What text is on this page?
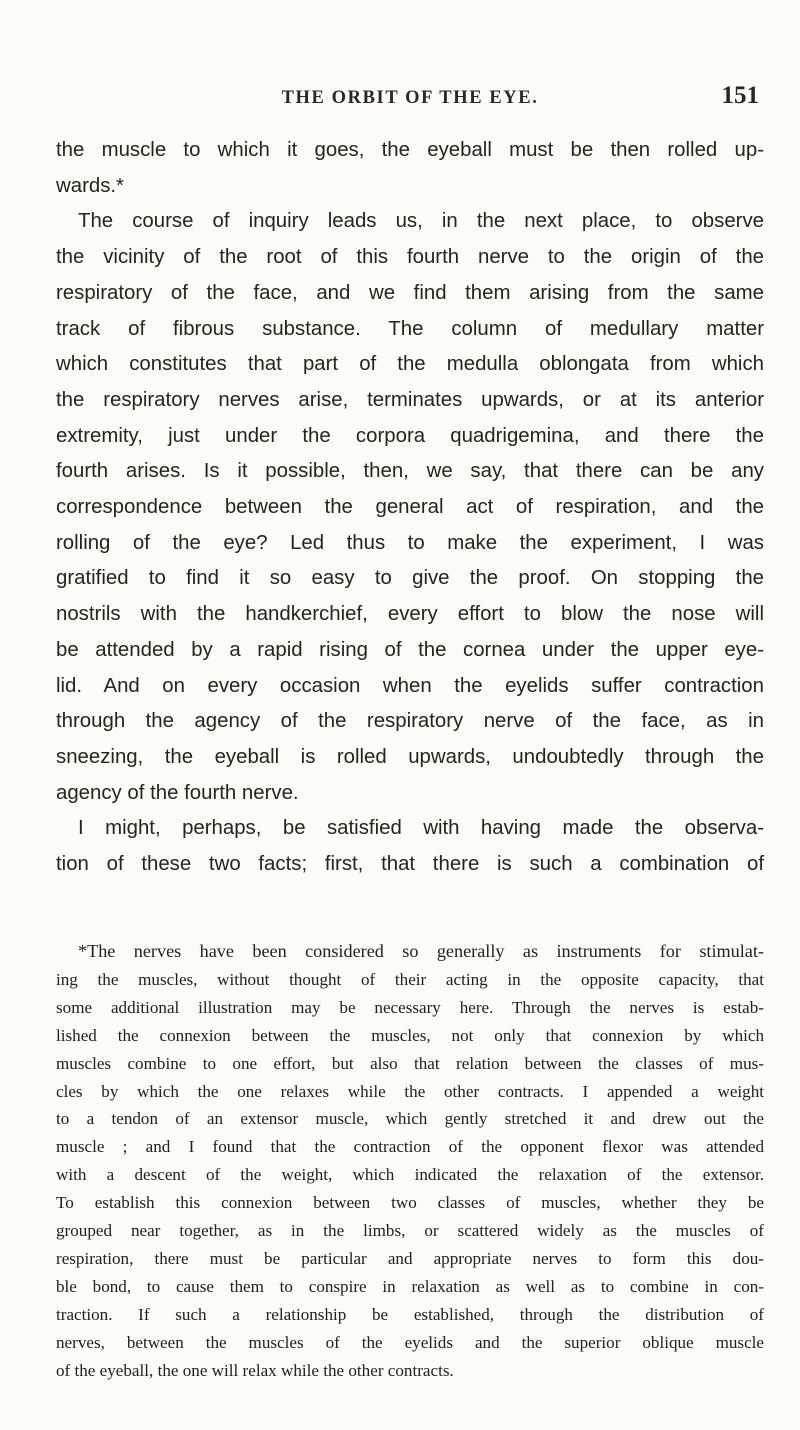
THE ORBIT OF THE EYE.	151
the muscle to which it goes, the eyeball must be then rolled up-
wards.*
The course of inquiry leads us, in the next place, to observe
the vicinity of the root of this fourth nerve to the origin of the
respiratory of the face, and we find them arising from the same
track of fibrous substance. The column of medullary matter
which constitutes that part of the medulla oblongata from which
the respiratory nerves arise, terminates upwards, or at its anterior
extremity, just under the corpora quadrigemina, and there the
fourth arises. Is it possible, then, we say, that there can be any
correspondence between the general act of respiration, and the
rolling of the eye? Led thus to make the experiment, I was
gratified to find it so easy to give the proof. On stopping the
nostrils with the handkerchief, every effort to blow the nose will
be attended by a rapid rising of the cornea under the upper eye-
lid. And on every occasion when the eyelids suffer contraction
through the agency of the respiratory nerve of the face, as in
sneezing, the eyeball is rolled upwards, undoubtedly through the
agency of the fourth nerve.
I might, perhaps, be satisfied with having made the observa-
tion of these two facts; first, that there is such a combination of
*The nerves have been considered so generally as instruments for stimulat-
ing the muscles, without thought of their acting in the opposite capacity, that
some additional illustration may be necessary here. Through the nerves is estab-
lished the connexion between the muscles, not only that connexion by which
muscles combine to one effort, but also that relation between the classes of mus-
cles by which the one relaxes while the other contracts. I appended a weight
to a tendon of an extensor muscle, which gently stretched it and drew out the
muscle ; and I found that the contraction of the opponent flexor was attended
with a descent of the weight, which indicated the relaxation of the extensor.
To establish this connexion between two classes of muscles, whether they be
grouped near together, as in the limbs, or scattered widely as the muscles of
respiration, there must be particular and appropriate nerves to form this dou-
ble bond, to cause them to conspire in relaxation as well as to combine in con-
traction. If such a relationship be established, through the distribution of
nerves, between the muscles of the eyelids and the superior oblique muscle
of the eyeball, the one will relax while the other contracts.
